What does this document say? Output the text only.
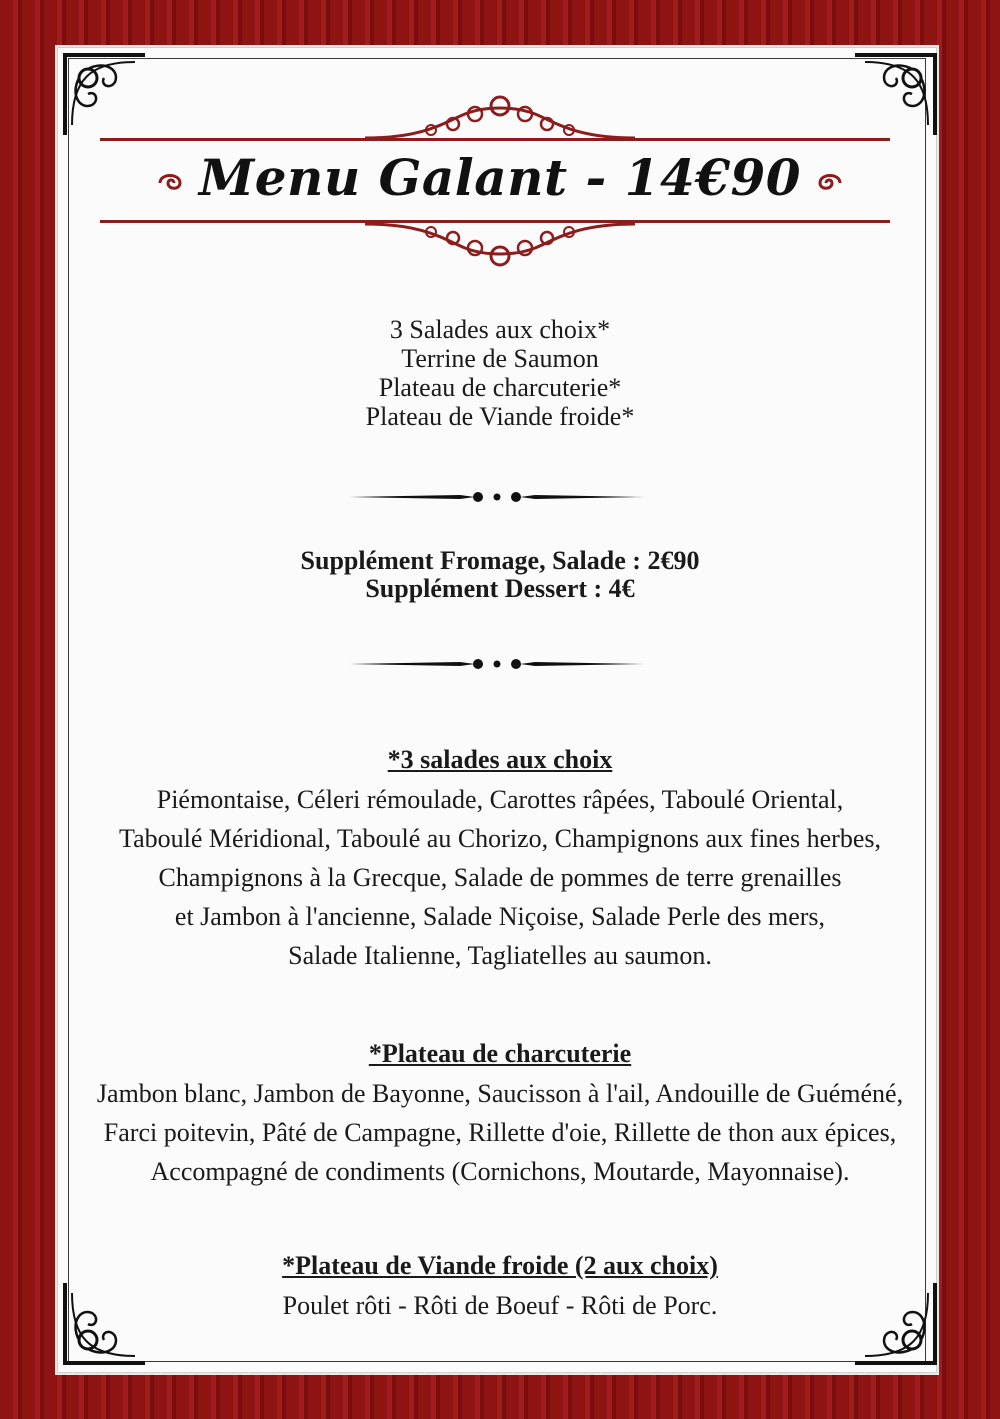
Menu Galant - 14€90
3 Salades aux choix*
Terrine de Saumon
Plateau de charcuterie*
Plateau de Viande froide*
Supplément Fromage, Salade : 2€90
Supplément Dessert : 4€
*3 salades aux choix
Piémontaise, Céleri rémoulade, Carottes râpées, Taboulé Oriental,
Taboulé Méridional, Taboulé au Chorizo, Champignons aux fines herbes,
Champignons à la Grecque, Salade de pommes de terre grenailles
et Jambon à l'ancienne, Salade Niçoise, Salade Perle des mers,
Salade Italienne, Tagliatelles au saumon.
*Plateau de charcuterie
Jambon blanc, Jambon de Bayonne, Saucisson à l'ail, Andouille de Guéméné,
Farci poitevin, Pâté de Campagne, Rillette d'oie, Rillette de thon aux épices,
Accompagné de condiments (Cornichons, Moutarde, Mayonnaise).
*Plateau de Viande froide (2 aux choix)
Poulet rôti - Rôti de Boeuf - Rôti de Porc.
